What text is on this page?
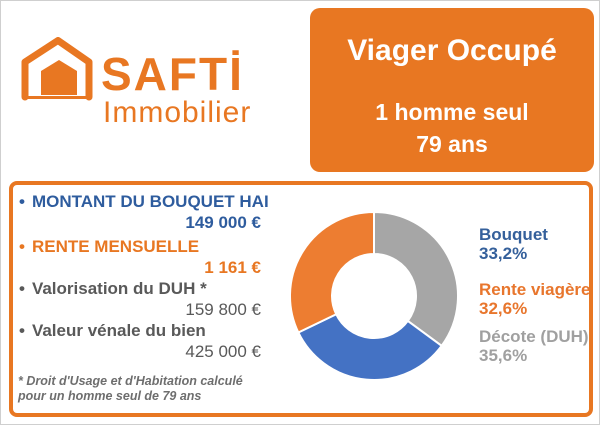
SAFTİ
Immobilier
Viager Occupé
1 homme seul
79 ans
• MONTANT DU BOUQUET HAI
149 000 €
• RENTE MENSUELLE
1 161 €
• Valorisation du DUH *
159 800 €
• Valeur vénale du bien
425 000 €
* Droit d'Usage et d'Habitation calculé
pour un homme seul de 79 ans
Bouquet
33,2%
Rente viagère
32,6%
Décote (DUH)
35,6%
